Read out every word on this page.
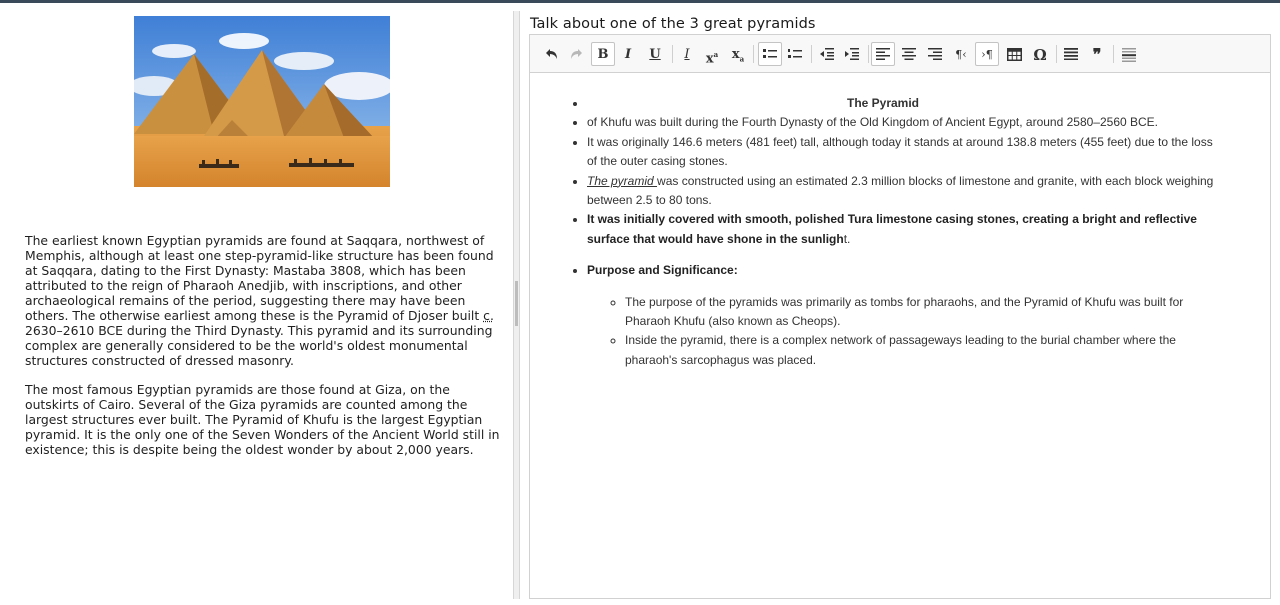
The earliest known Egyptian pyramids are found at Saqqara, northwest of Memphis, although at least one step-pyramid-like structure has been found at Saqqara, dating to the First Dynasty: Mastaba 3808, which has been attributed to the reign of Pharaoh Anedjib, with inscriptions, and other archaeological remains of the period, suggesting there may have been others. The otherwise earliest among these is the Pyramid of Djoser built c. 2630–2610 BCE during the Third Dynasty. This pyramid and its surrounding complex are generally considered to be the world's oldest monumental structures constructed of dressed masonry.

The most famous Egyptian pyramids are those found at Giza, on the outskirts of Cairo. Several of the Giza pyramids are counted among the largest structures ever built. The Pyramid of Khufu is the largest Egyptian pyramid. It is the only one of the Seven Wonders of the Ancient World still in existence; this is despite being the oldest wonder by about 2,000 years.

Talk about one of the 3 great pyramids
B	I	U	I	$x^a$	$x_a$	¶‹	›¶	Ω	❞
• The Pyramid
• of Khufu was built during the Fourth Dynasty of the Old Kingdom of Ancient Egypt, around 2580–2560 BCE.
• It was originally 146.6 meters (481 feet) tall, although today it stands at around 138.8 meters (455 feet) due to the loss of the outer casing stones.
• The pyramid was constructed using an estimated 2.3 million blocks of limestone and granite, with each block weighing between 2.5 to 80 tons.
• It was initially covered with smooth, polished Tura limestone casing stones, creating a bright and reflective surface that would have shone in the sunlight.
• Purpose and Significance:
◦ The purpose of the pyramids was primarily as tombs for pharaohs, and the Pyramid of Khufu was built for Pharaoh Khufu (also known as Cheops).
◦ Inside the pyramid, there is a complex network of passageways leading to the burial chamber where the pharaoh's sarcophagus was placed.
